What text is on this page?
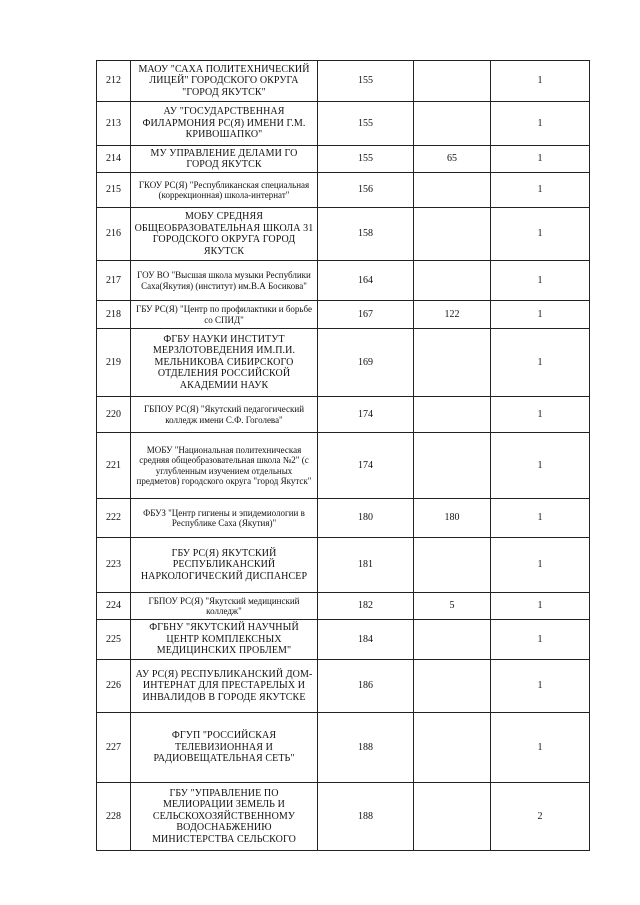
212	МАОУ "САХА ПОЛИТЕХНИЧЕСКИЙ ЛИЦЕЙ" ГОРОДСКОГО ОКРУГА "ГОРОД ЯКУТСК"	155		1
213	АУ "ГОСУДАРСТВЕННАЯ ФИЛАРМОНИЯ РС(Я) ИМЕНИ Г.М. КРИВОШАПКО"	155		1
214	МУ УПРАВЛЕНИЕ ДЕЛАМИ ГО ГОРОД ЯКУТСК	155	65	1
215	ГКОУ РС(Я) "Республиканская специальная (коррекционная) школа-интернат"	156		1
216	МОБУ СРЕДНЯЯ ОБЩЕОБРАЗОВАТЕЛЬНАЯ ШКОЛА 31 ГОРОДСКОГО ОКРУГА ГОРОД ЯКУТСК	158		1
217	ГОУ ВО "Высшая школа музыки Республики Саха(Якутия) (институт) им.В.А Босикова"	164		1
218	ГБУ РС(Я) "Центр по профилактики и борьбе со СПИД"	167	122	1
219	ФГБУ НАУКИ ИНСТИТУТ МЕРЗЛОТОВЕДЕНИЯ ИМ.П.И. МЕЛЬНИКОВА СИБИРСКОГО ОТДЕЛЕНИЯ РОССИЙСКОЙ АКАДЕМИИ НАУК	169		1
220	ГБПОУ РС(Я) "Якутский педагогический колледж имени С.Ф. Гоголева"	174		1
221	МОБУ "Национальная политехническая средняя общеобразовательная школа №2" (с углубленным изучением отдельных предметов) городского округа "город Якутск"	174		1
222	ФБУЗ "Центр гигиены и эпидемиологии в Республике Саха (Якутия)"	180	180	1
223	ГБУ РС(Я) ЯКУТСКИЙ РЕСПУБЛИКАНСКИЙ НАРКОЛОГИЧЕСКИЙ ДИСПАНСЕР	181		1
224	ГБПОУ РС(Я) "Якутский медицинский колледж"	182	5	1
225	ФГБНУ "ЯКУТСКИЙ НАУЧНЫЙ ЦЕНТР КОМПЛЕКСНЫХ МЕДИЦИНСКИХ ПРОБЛЕМ"	184		1
226	АУ РС(Я) РЕСПУБЛИКАНСКИЙ ДОМ-ИНТЕРНАТ ДЛЯ ПРЕСТАРЕЛЫХ И ИНВАЛИДОВ В ГОРОДЕ ЯКУТСКЕ	186		1
227	ФГУП "РОССИЙСКАЯ ТЕЛЕВИЗИОННАЯ И РАДИОВЕЩАТЕЛЬНАЯ СЕТЬ"	188		1
228	ГБУ "УПРАВЛЕНИЕ ПО МЕЛИОРАЦИИ ЗЕМЕЛЬ И СЕЛЬСКОХОЗЯЙСТВЕННОМУ ВОДОСНАБЖЕНИЮ МИНИСТЕРСТВА СЕЛЬСКОГО	188		2
